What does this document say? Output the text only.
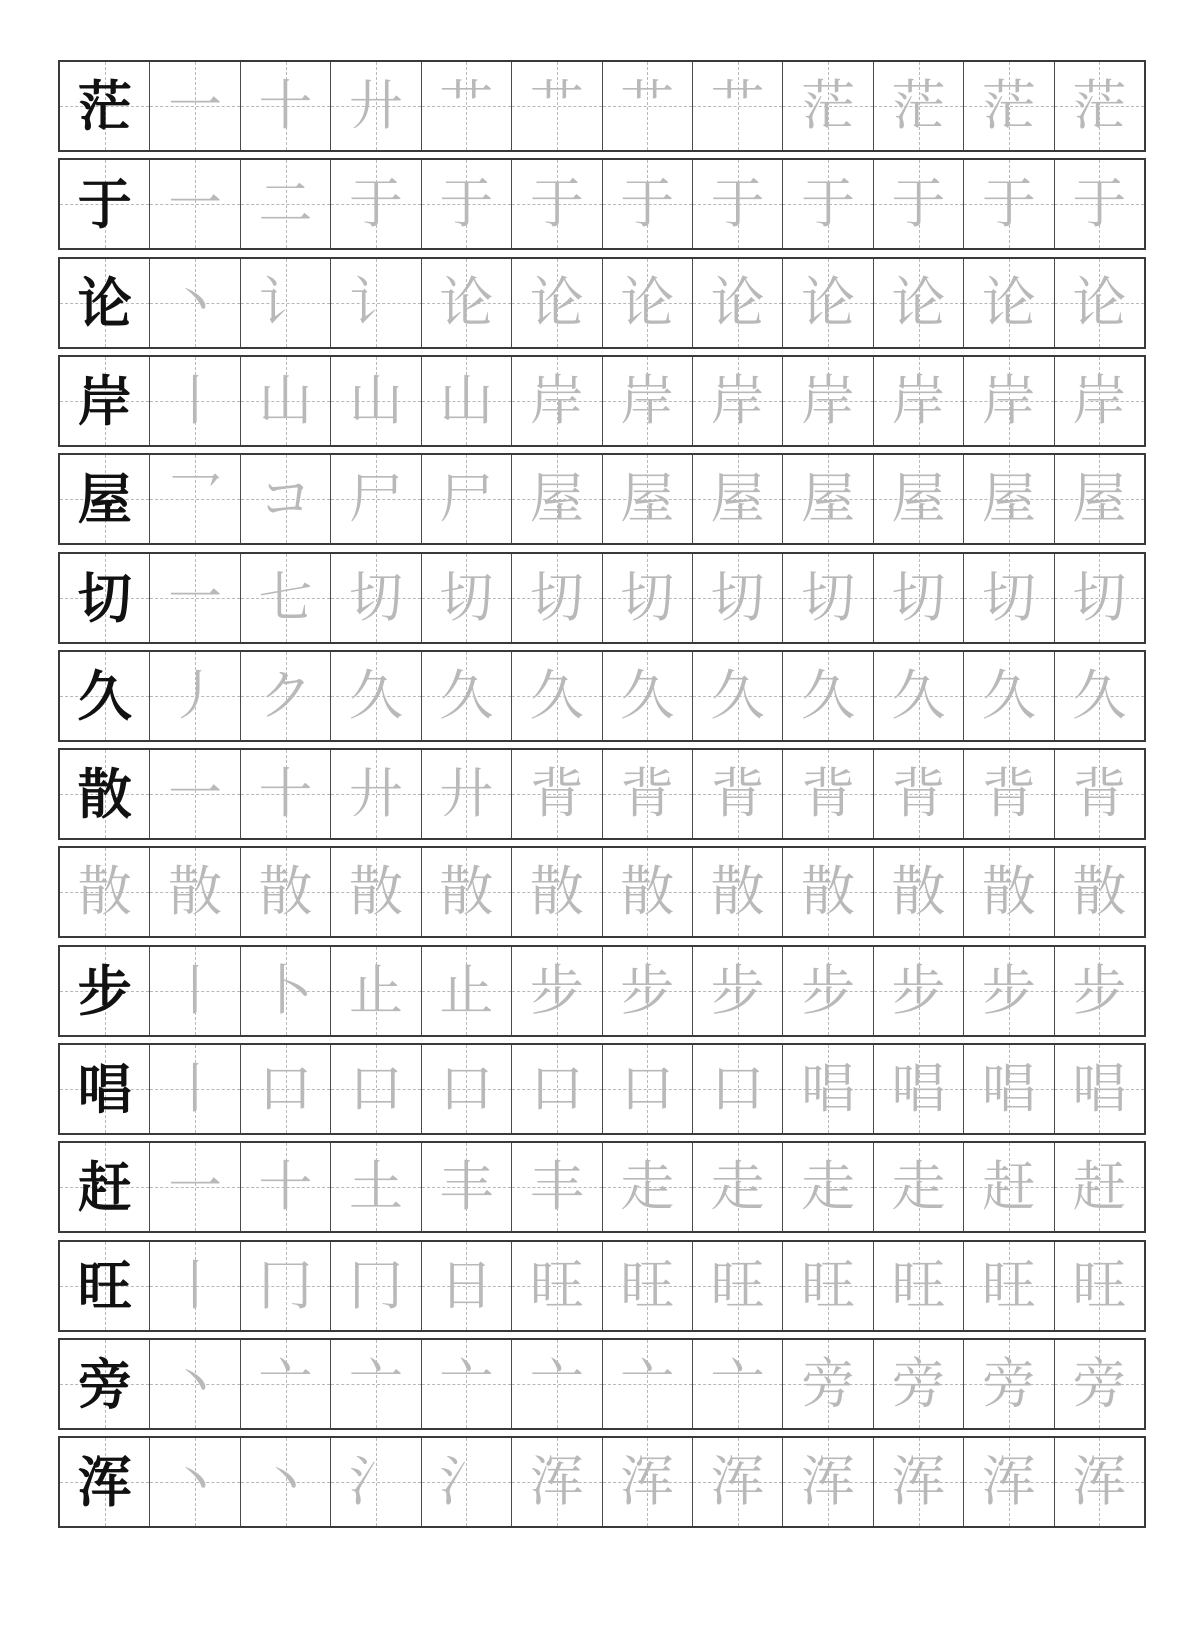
茫 一 十 廾 艹 艹 艹 艹 茫 茫 茫 茫
于 一 二 于 于 于 于 于 于 于 于 于
论 丶 讠 讠 论 论 论 论 论 论 论 论
岸 丨 山 山 山 岸 岸 岸 岸 岸 岸 岸
屋 乛 コ 尸 尸 屋 屋 屋 屋 屋 屋 屋
切 一 七 切 切 切 切 切 切 切 切 切
久 丿 ク 久 久 久 久 久 久 久 久 久
散 一 十 廾 廾 背 背 背 背 背 背 背
散 散 散 散 散 散 散 散 散 散 散 散
步 丨 卜 止 止 步 步 步 步 步 步 步
唱 丨 口 口 口 口 口 口 唱 唱 唱 唱
赶 一 十 土 丰 丰 走 走 走 走 赶 赶
旺 丨 冂 冂 日 旺 旺 旺 旺 旺 旺 旺
旁 丶 亠 亠 亠 亠 亠 亠 旁 旁 旁 旁
浑 丶 丶 氵 氵 浑 浑 浑 浑 浑 浑 浑
